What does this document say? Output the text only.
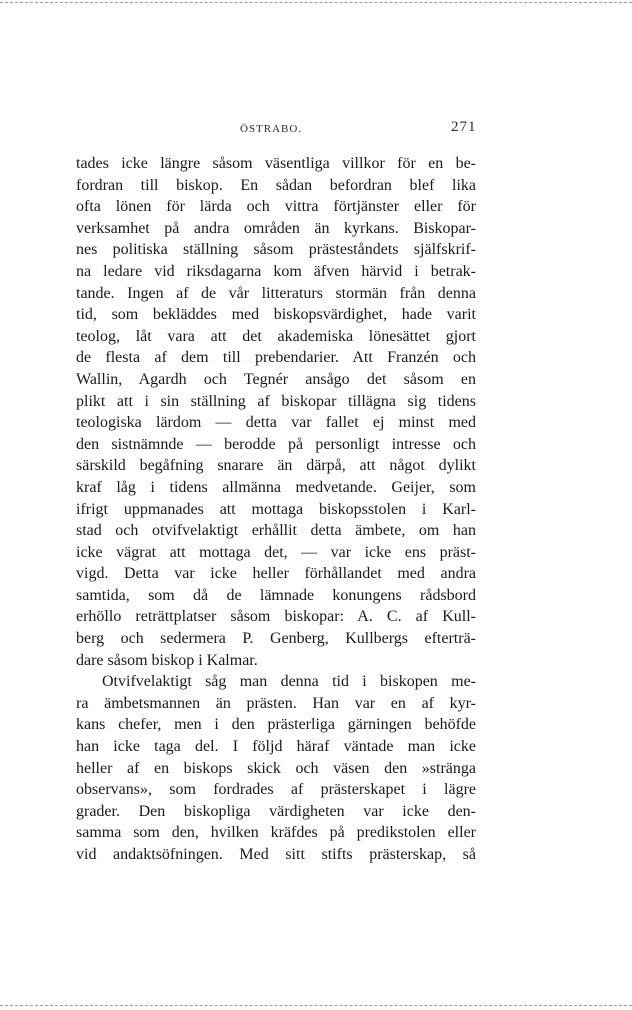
ÖSTRABO.	271
tades icke längre såsom väsentliga villkor för en be-
fordran till biskop. En sådan befordran blef lika
ofta lönen för lärda och vittra förtjänster eller för
verksamhet på andra områden än kyrkans. Biskopar-
nes politiska ställning såsom prästeståndets själfskrif-
na ledare vid riksdagarna kom äfven härvid i betrak-
tande. Ingen af de vår litteraturs stormän från denna
tid, som bekläddes med biskopsvärdighet, hade varit
teolog, låt vara att det akademiska lönesättet gjort
de flesta af dem till prebendarier. Att Franzén och
Wallin, Agardh och Tegnér ansågo det såsom en
plikt att i sin ställning af biskopar tillägna sig tidens
teologiska lärdom — detta var fallet ej minst med
den sistnämnde — berodde på personligt intresse och
särskild begåfning snarare än därpå, att något dylikt
kraf låg i tidens allmänna medvetande. Geijer, som
ifrigt uppmanades att mottaga biskopsstolen i Karl-
stad och otvifvelaktigt erhållit detta ämbete, om han
icke vägrat att mottaga det, — var icke ens präst-
vigd. Detta var icke heller förhållandet med andra
samtida, som då de lämnade konungens rådsbord
erhöllo reträttplatser såsom biskopar: A. C. af Kull-
berg och sedermera P. Genberg, Kullbergs efterträ-
dare såsom biskop i Kalmar.
Otvifvelaktigt såg man denna tid i biskopen me-
ra ämbetsmannen än prästen. Han var en af kyr-
kans chefer, men i den prästerliga gärningen behöfde
han icke taga del. I följd häraf väntade man icke
heller af en biskops skick och väsen den »stränga
observans», som fordrades af prästerskapet i lägre
grader. Den biskopliga värdigheten var icke den-
samma som den, hvilken kräfdes på predikstolen eller
vid andaktsöfningen. Med sitt stifts prästerskap, så
